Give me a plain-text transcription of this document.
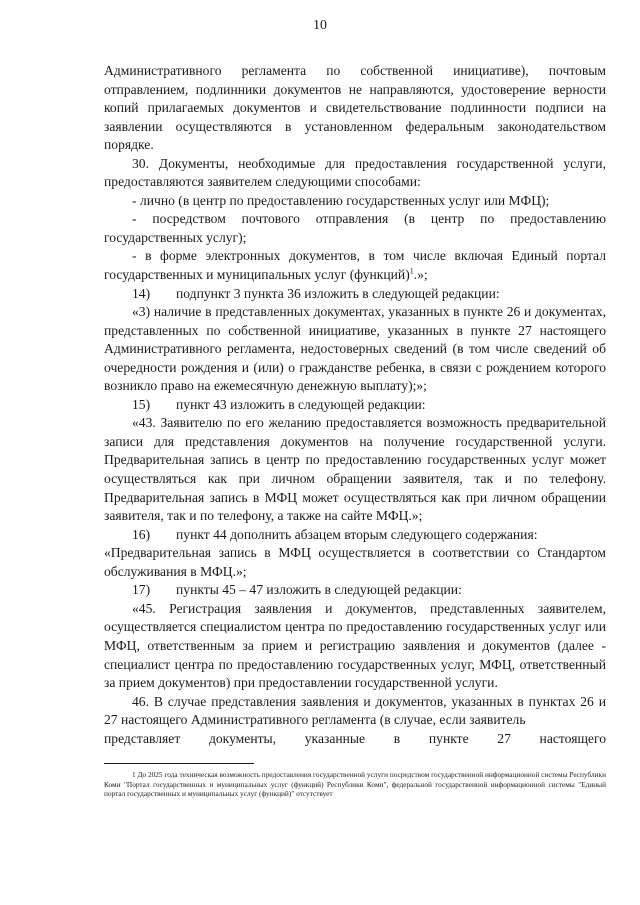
10

Административного регламента по собственной инициативе), почтовым отправлением, подлинники документов не направляются, удостоверение верности копий прилагаемых документов и свидетельствование подлинности подписи на заявлении осуществляются в установленном федеральным законодательством порядке.

30. Документы, необходимые для предоставления государственной услуги, предоставляются заявителем следующими способами:

- лично (в центр по предоставлению государственных услуг или МФЦ);

- посредством почтового отправления (в центр по предоставлению государственных услуг);

- в форме электронных документов, в том числе включая Единый портал государственных и муниципальных услуг (функций)$^1$.»;

14) подпункт 3 пункта 36 изложить в следующей редакции:

«3) наличие в представленных документах, указанных в пункте 26 и документах, представленных по собственной инициативе, указанных в пункте 27 настоящего Административного регламента, недостоверных сведений (в том числе сведений об очередности рождения и (или) о гражданстве ребенка, в связи с рождением которого возникло право на ежемесячную денежную выплату);»;

15) пункт 43 изложить в следующей редакции:

«43. Заявителю по его желанию предоставляется возможность предварительной записи для представления документов на получение государственной услуги. Предварительная запись в центр по предоставлению государственных услуг может осуществляться как при личном обращении заявителя, так и по телефону. Предварительная запись в МФЦ может осуществляться как при личном обращении заявителя, так и по телефону, а также на сайте МФЦ.»;

16) пункт 44 дополнить абзацем вторым следующего содержания:

«Предварительная запись в МФЦ осуществляется в соответствии со Стандартом обслуживания в МФЦ.»;

17) пункты 45 – 47 изложить в следующей редакции:

«45. Регистрация заявления и документов, представленных заявителем, осуществляется специалистом центра по предоставлению государственных услуг или МФЦ, ответственным за прием и регистрацию заявления и документов (далее - специалист центра по предоставлению государственных услуг, МФЦ, ответственный за прием документов) при предоставлении государственной услуги.

46. В случае представления заявления и документов, указанных в пунктах 26 и 27 настоящего Административного регламента (в случае, если заявитель

представляет документы, указанные в пункте 27 настоящего

1 До 2025 года техническая возможность предоставления государственной услуги посредством государственной информационной системы Республики Коми "Портал государственных и муниципальных услуг (функций) Республики Коми", федеральной государственной информационной системы "Единый портал государственных и муниципальных услуг (функций)" отсутствует
